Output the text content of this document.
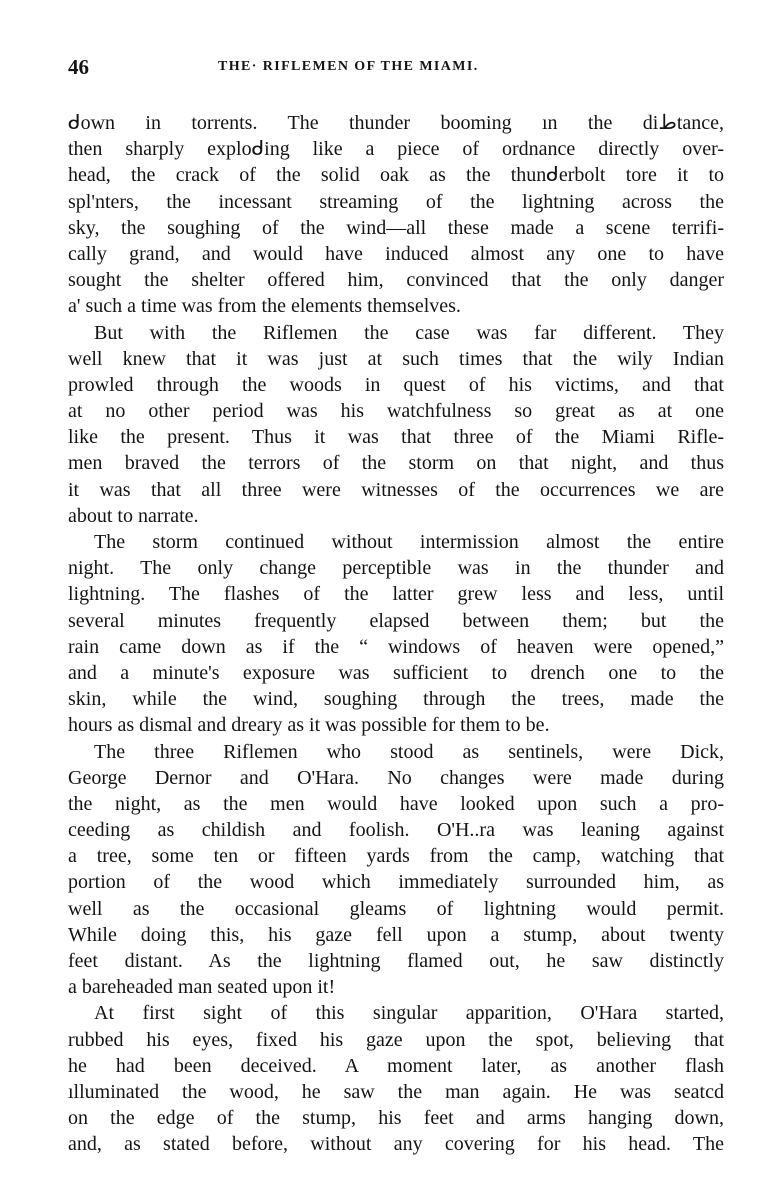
46	THE· RIFLEMEN OF THE MIAMI.
ᑯown in torrents. The thunder booming ın the diطtance,
then sharply exploᑯing like a piece of ordnance directly over-
head, the crack of the solid oak as the thunᑯerbolt tore it to
spl'nters, the incessant streaming of the lightning across the
sky, the soughing of the wind—all these made a scene terrifi-
cally grand, and would have induced almost any one to have
sought the shelter offered him, convinced that the only danger
a' such a time was from the elements themselves.
But with the Riflemen the case was far different. They
well knew that it was just at such times that the wily Indian
prowled through the woods in quest of his victims, and that
at no other period was his watchfulness so great as at one
like the present. Thus it was that three of the Miami Rifle-
men braved the terrors of the storm on that night, and thus
it was that all three were witnesses of the occurrences we are
about to narrate.
The storm continued without intermission almost the entire
night. The only change perceptible was in the thunder and
lightning. The flashes of the latter grew less and less, until
several minutes frequently elapsed between them; but the
rain came down as if the “ windows of heaven were opened,”
and a minute's exposure was sufficient to drench one to the
skin, while the wind, soughing through the trees, made the
hours as dismal and dreary as it was possible for them to be.
The three Riflemen who stood as sentinels, were Dick,
George Dernor and O'Hara. No changes were made during
the night, as the men would have looked upon such a pro-
ceeding as childish and foolish. O'H..ra was leaning against
a tree, some ten or fifteen yards from the camp, watching that
portion of the wood which immediately surrounded him, as
well as the occasional gleams of lightning would permit.
While doing this, his gaze fell upon a stump, about twenty
feet distant. As the lightning flamed out, he saw distinctly
a bareheaded man seated upon it!
At first sight of this singular apparition, O'Hara started,
rubbed his eyes, fixed his gaze upon the spot, believing that
he had been deceived. A moment later, as another flash
ılluminated the wood, he saw the man again. He was seatcd
on the edge of the stump, his feet and arms hanging down,
and, as stated before, without any covering for his head. The
